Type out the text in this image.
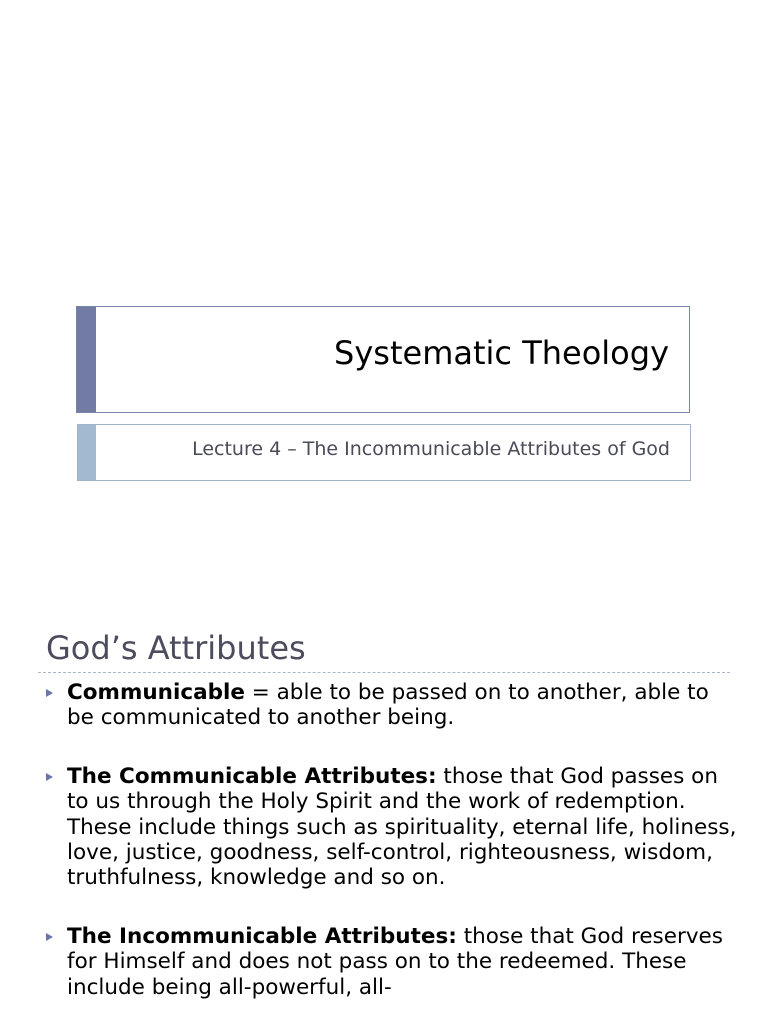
Systematic Theology
Lecture 4 – The Incommunicable Attributes of God
God’s Attributes
Communicable = able to be passed on to another, able to be communicated to another being.
The Communicable Attributes: those that God passes on to us through the Holy Spirit and the work of redemption. These include things such as spirituality, eternal life, holiness, love, justice, goodness, self-control, righteousness, wisdom, truthfulness, knowledge and so on.
The Incommunicable Attributes: those that God reserves for Himself and does not pass on to the redeemed. These include being all-powerful, all-
